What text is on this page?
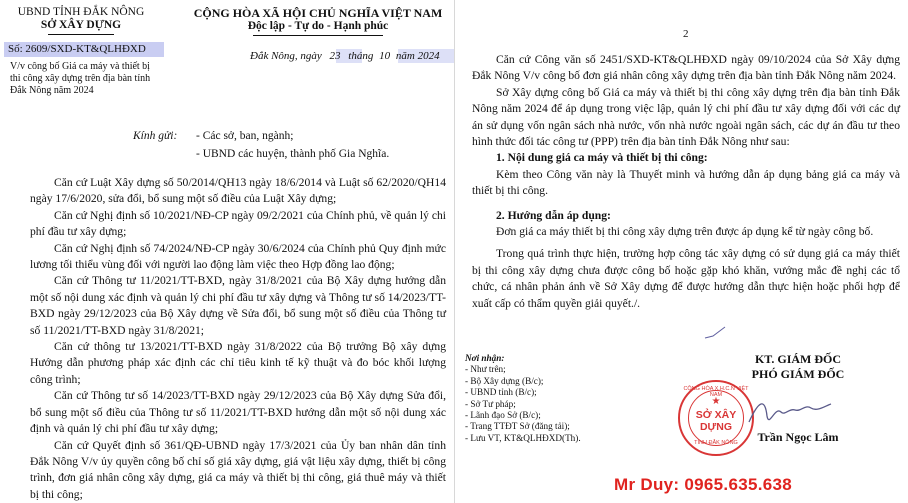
UBND TỈNH ĐẮK NÔNG
SỞ XÂY DỰNG
CỘNG HÒA XÃ HỘI CHỦ NGHĨA VIỆT NAM
Độc lập - Tự do - Hạnh phúc
Số: 2609/SXD-KT&QLHĐXD
Đắk Nông, ngày 23 tháng 10 năm 2024
V/v công bố Giá ca máy và thiết bị thi công xây dựng trên địa bàn tỉnh Đắk Nông năm 2024
Kính gửi: - Các sở, ban, ngành;
- UBND các huyện, thành phố Gia Nghĩa.
Căn cứ Luật Xây dựng số 50/2014/QH13 ngày 18/6/2014 và Luật số 62/2020/QH14 ngày 17/6/2020, sửa đổi, bổ sung một số điều của Luật Xây dựng;
Căn cứ Nghị định số 10/2021/NĐ-CP ngày 09/2/2021 của Chính phủ, về quản lý chi phí đầu tư xây dựng;
Căn cứ Nghị định số 74/2024/NĐ-CP ngày 30/6/2024 của Chính phủ Quy định mức lương tối thiểu vùng đối với người lao động làm việc theo Hợp đồng lao động;
Căn cứ Thông tư 11/2021/TT-BXD, ngày 31/8/2021 của Bộ Xây dựng hướng dẫn một số nội dung xác định và quản lý chi phí đầu tư xây dựng và Thông tư số 14/2023/TT-BXD ngày 29/12/2023 của Bộ Xây dựng về Sửa đổi, bổ sung một số điều của Thông tư số 11/2021/TT-BXD ngày 31/8/2021;
Căn cứ thông tư 13/2021/TT-BXD ngày 31/8/2022 của Bộ trưởng Bộ xây dựng Hướng dẫn phương pháp xác định các chỉ tiêu kinh tế kỹ thuật và đo bóc khối lượng công trình;
Căn cứ Thông tư số 14/2023/TT-BXD ngày 29/12/2023 của Bộ Xây dựng Sửa đổi, bổ sung một số điều của Thông tư số 11/2021/TT-BXD hướng dẫn một số nội dung xác định và quản lý chi phí đầu tư xây dựng;
Căn cứ Quyết định số 361/QĐ-UBND ngày 17/3/2021 của Ủy ban nhân dân tỉnh Đắk Nông V/v ủy quyền công bố chỉ số giá xây dựng, giá vật liệu xây dựng, thiết bị công trình, đơn giá nhân công xây dựng, giá ca máy và thiết bị thi công, giá thuê máy và thiết bị thi công;
2
Căn cứ Công văn số 2451/SXD-KT&QLHĐXD ngày 09/10/2024 của Sở Xây dựng Đắk Nông V/v công bố đơn giá nhân công xây dựng trên địa bàn tỉnh Đắk Nông năm 2024.
Sở Xây dựng công bố Giá ca máy và thiết bị thi công xây dựng trên địa bàn tỉnh Đắk Nông năm 2024 để áp dụng trong việc lập, quản lý chi phí đầu tư xây dựng đối với các dự án sử dụng vốn ngân sách nhà nước, vốn nhà nước ngoài ngân sách, các dự án đầu tư theo hình thức đối tác công tư (PPP) trên địa bàn tỉnh Đắk Nông như sau:
1. Nội dung giá ca máy và thiết bị thi công:
Kèm theo Công văn này là Thuyết minh và hướng dẫn áp dụng bảng giá ca máy và thiết bị thi công.
2. Hướng dẫn áp dụng:
Đơn giá ca máy thiết bị thi công xây dựng trên được áp dụng kể từ ngày công bố.
Trong quá trình thực hiện, trường hợp công tác xây dựng có sử dụng giá ca máy thiết bị thi công xây dựng chưa được công bố hoặc gặp khó khăn, vướng mắc đề nghị các tổ chức, cá nhân phản ánh về Sở Xây dựng để được hướng dẫn thực hiện hoặc phối hợp để xuất cấp có thẩm quyền giải quyết./.
Nơi nhận:
- Như trên;
- Bộ Xây dựng (B/c);
- UBND tỉnh (B/c);
- Sở Tư pháp;
- Lãnh đạo Sở (B/c);
- Trang TTĐT Sở (đăng tải);
- Lưu VT, KT&QLHĐXD(Th).
KT. GIÁM ĐỐC
PHÓ GIÁM ĐỐC
CỘNG HÒA X.H.C.N VIỆT NAM
★
SỞ XÂY DỰNG
TỈNH ĐẮK NÔNG	Trần Ngọc Lâm
Mr Duy: 0965.635.638
